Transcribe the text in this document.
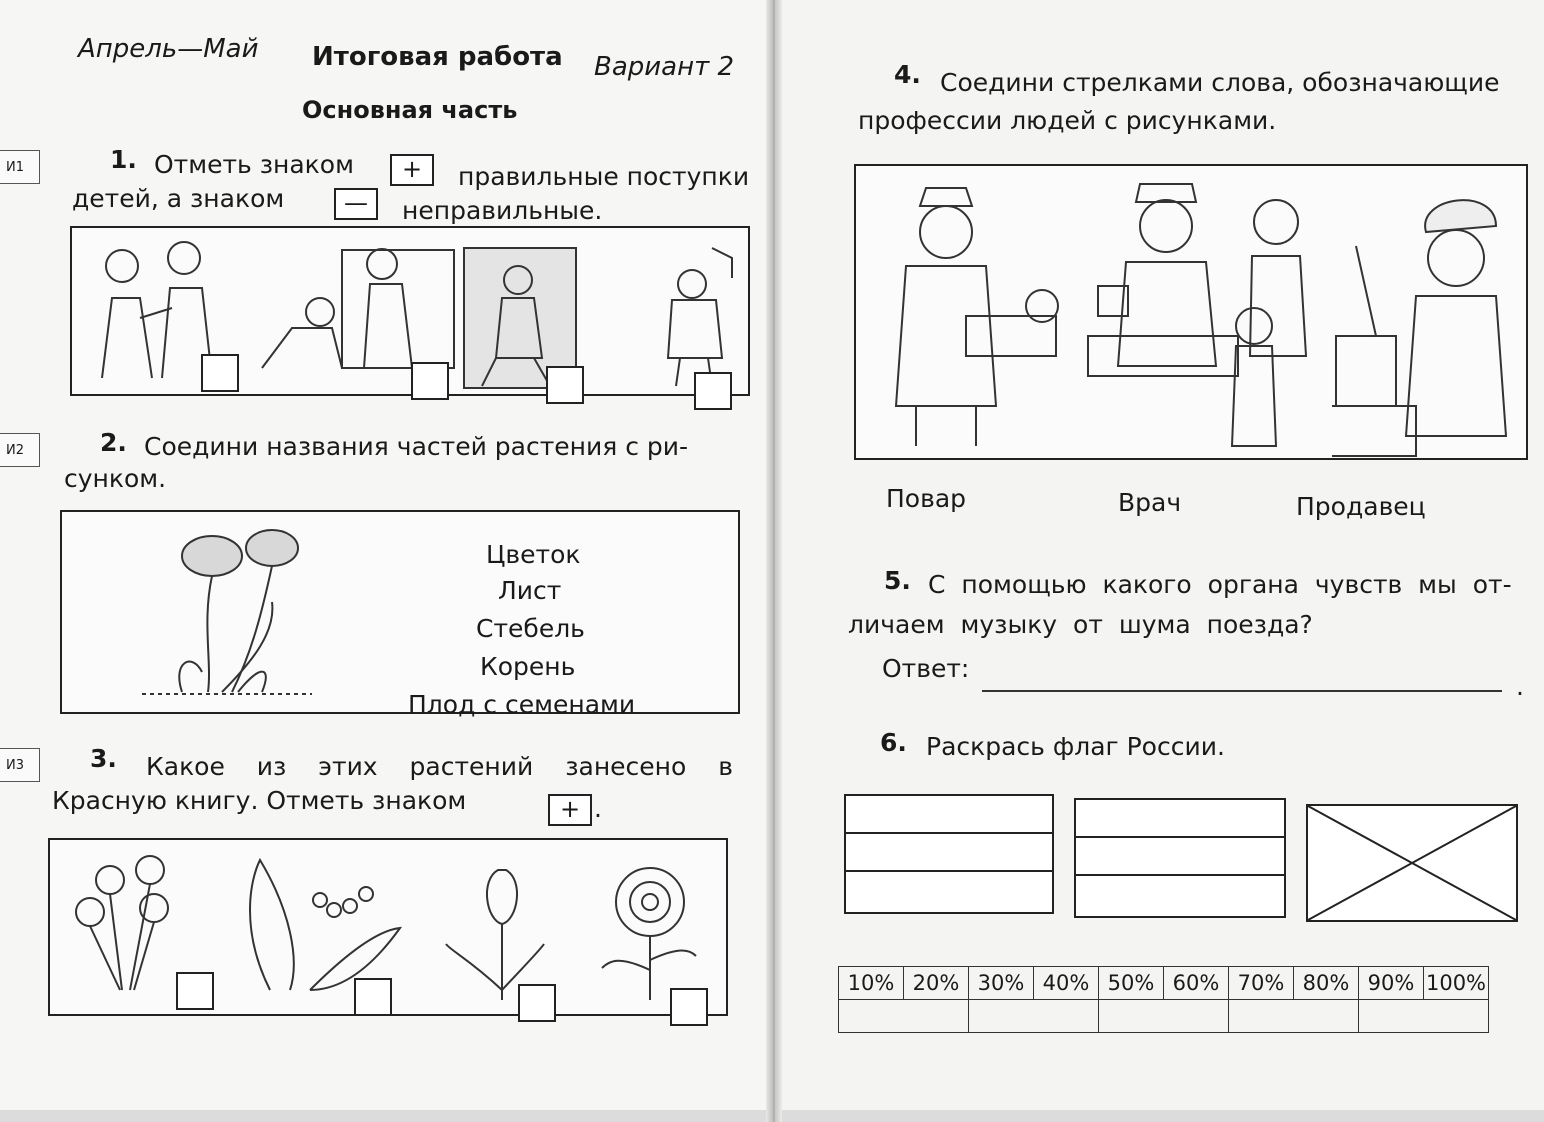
И1
И2
И3
Апрель—Май Итоговая работа Вариант 2
Основная часть
1. Отметь знаком	+	правильные поступки
детей, а знаком	—	неправильные.
2. Соедини названия частей растения с ри-
сунком.
Цветок
Лист
Стебель
Корень
Плод с семенами
3. Какое из этих растений занесено в
Красную книгу. Отметь знаком	+ .
4. Соедини стрелками слова, обозначающие
профессии людей с рисунками.
Повар	Врач	Продавец
5. С помощью какого органа чувств мы от-
личаем музыку от шума поезда?
Ответ:
.
6. Раскрась флаг России.
10%	20%	30%	40%	50%	60%	70%	80%	90%	100%
